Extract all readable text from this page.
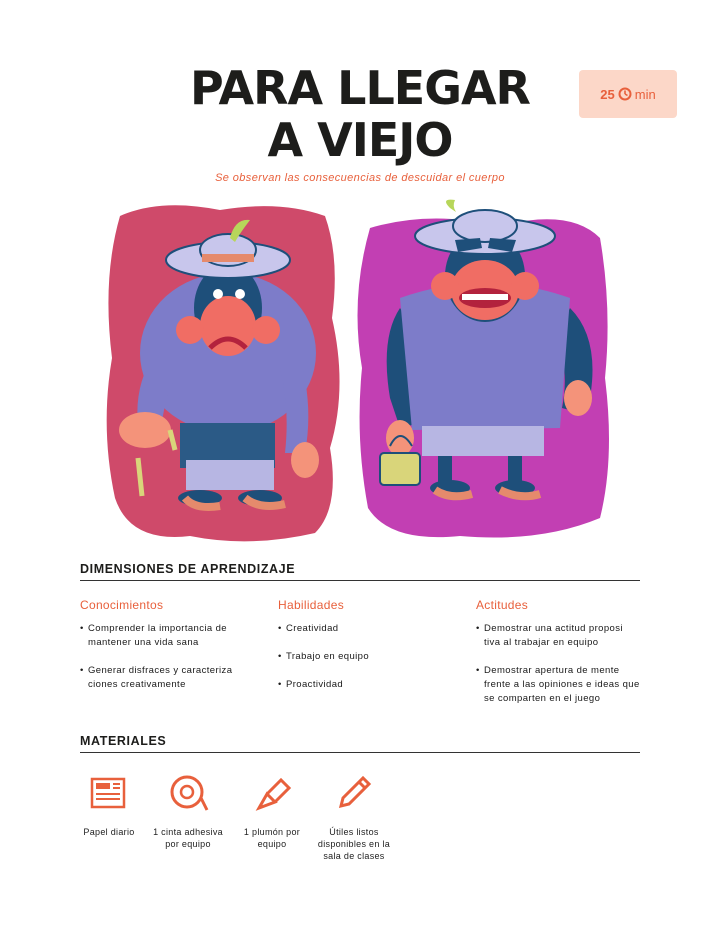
PARA LLEGAR
A VIEJO
Se observan las consecuencias de descuidar el cuerpo
25 min
DIMENSIONES DE APRENDIZAJE
Conocimientos
• Comprender la importancia de mantener una vida sana
• Generar disfraces y caracteriza ciones creativamente
Habilidades
• Creatividad
• Trabajo en equipo
• Proactividad
Actitudes
• Demostrar una actitud proposi tiva al trabajar en equipo
• Demostrar apertura de mente frente a las opiniones e ideas que se comparten en el juego
MATERIALES
Papel diario	1 cinta adhesiva por equipo
1 plumón por equipo
Útiles listos disponibles en la sala de clases
